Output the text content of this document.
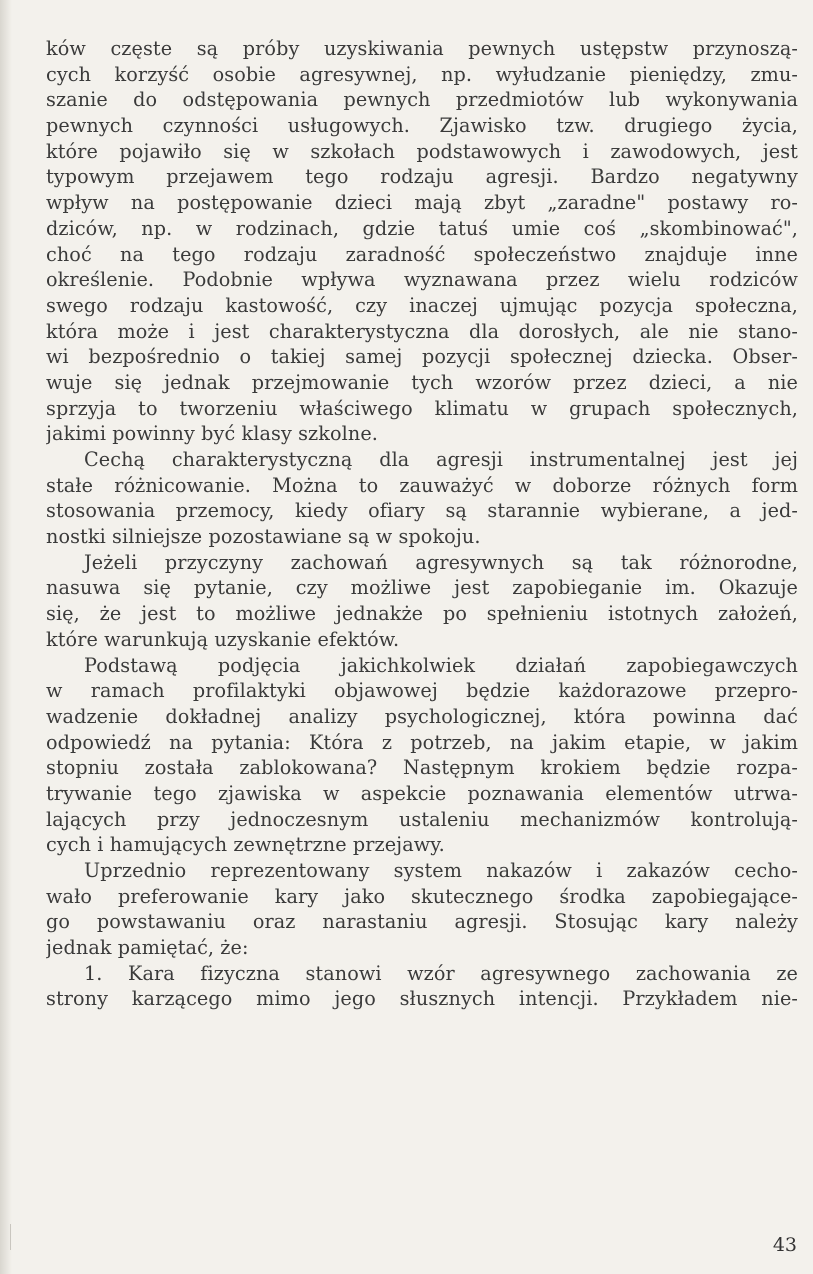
ków częste są próby uzyskiwania pewnych ustępstw przynoszą-
cych korzyść osobie agresywnej, np. wyłudzanie pieniędzy, zmu-
szanie do odstępowania pewnych przedmiotów lub wykonywania
pewnych czynności usługowych. Zjawisko tzw. drugiego życia,
które pojawiło się w szkołach podstawowych i zawodowych, jest
typowym przejawem tego rodzaju agresji. Bardzo negatywny
wpływ na postępowanie dzieci mają zbyt „zaradne" postawy ro-
dziców, np. w rodzinach, gdzie tatuś umie coś „skombinować",
choć na tego rodzaju zaradność społeczeństwo znajduje inne
określenie. Podobnie wpływa wyznawana przez wielu rodziców
swego rodzaju kastowość, czy inaczej ujmując pozycja społeczna,
która może i jest charakterystyczna dla dorosłych, ale nie stano-
wi bezpośrednio o takiej samej pozycji społecznej dziecka. Obser-
wuje się jednak przejmowanie tych wzorów przez dzieci, a nie
sprzyja to tworzeniu właściwego klimatu w grupach społecznych,
jakimi powinny być klasy szkolne.
Cechą charakterystyczną dla agresji instrumentalnej jest jej
stałe różnicowanie. Można to zauważyć w doborze różnych form
stosowania przemocy, kiedy ofiary są starannie wybierane, a jed-
nostki silniejsze pozostawiane są w spokoju.
Jeżeli przyczyny zachowań agresywnych są tak różnorodne,
nasuwa się pytanie, czy możliwe jest zapobieganie im. Okazuje
się, że jest to możliwe jednakże po spełnieniu istotnych założeń,
które warunkują uzyskanie efektów.
Podstawą podjęcia jakichkolwiek działań zapobiegawczych
w ramach profilaktyki objawowej będzie każdorazowe przepro-
wadzenie dokładnej analizy psychologicznej, która powinna dać
odpowiedź na pytania: Która z potrzeb, na jakim etapie, w jakim
stopniu została zablokowana? Następnym krokiem będzie rozpa-
trywanie tego zjawiska w aspekcie poznawania elementów utrwa-
lających przy jednoczesnym ustaleniu mechanizmów kontrolują-
cych i hamujących zewnętrzne przejawy.
Uprzednio reprezentowany system nakazów i zakazów cecho-
wało preferowanie kary jako skutecznego środka zapobiegające-
go powstawaniu oraz narastaniu agresji. Stosując kary należy
jednak pamiętać, że:
1. Kara fizyczna stanowi wzór agresywnego zachowania ze
strony karzącego mimo jego słusznych intencji. Przykładem nie-
43
